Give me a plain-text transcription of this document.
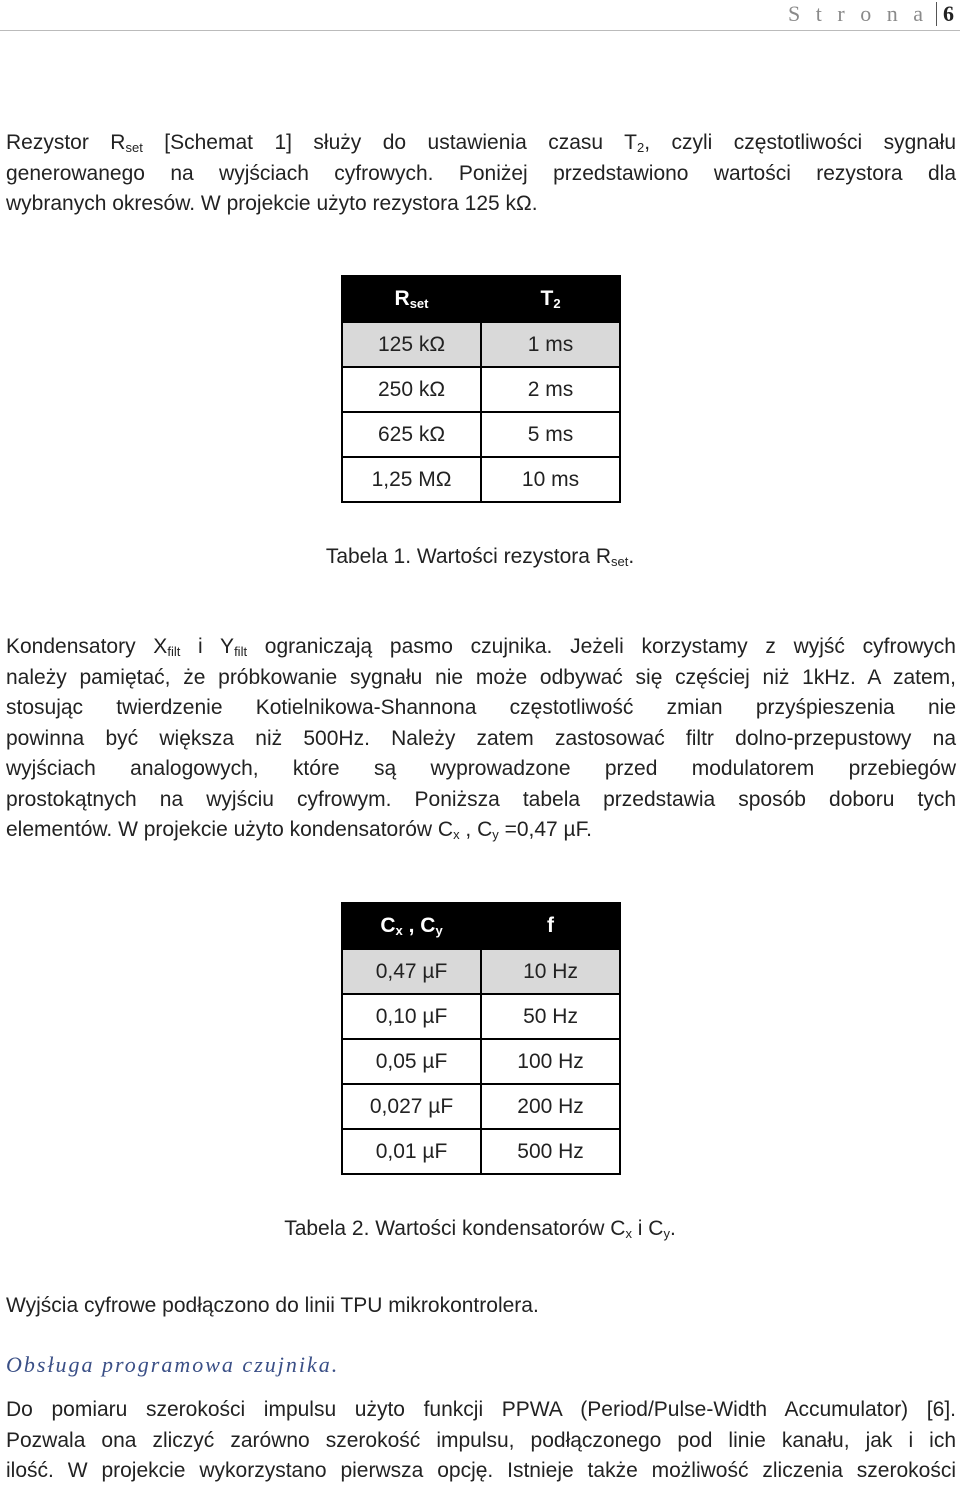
S t r o n a 6

Rezystor $R_{set}$ [Schemat 1] służy do ustawienia czasu $T_2$, czyli częstotliwości sygnału
generowanego na wyjściach cyfrowych. Poniżej przedstawiono wartości rezystora dla
wybranych okresów. W projekcie użyto rezystora 125 kΩ.

$R_{set}$	$T_2$
125 kΩ	1 ms
250 kΩ	2 ms
625 kΩ	5 ms
1,25 MΩ	10 ms

Tabela 1. Wartości rezystora $R_{set}$.

Kondensatory $X_{filt}$ i $Y_{filt}$ ograniczają pasmo czujnika. Jeżeli korzystamy z wyjść cyfrowych
należy pamiętać, że próbkowanie sygnału nie może odbywać się częściej niż 1kHz. A zatem,
stosując twierdzenie Kotielnikowa-Shannona częstotliwość zmian przyśpieszenia nie
powinna być większa niż 500Hz. Należy zatem zastosować filtr dolno-przepustowy na
wyjściach analogowych, które są wyprowadzone przed modulatorem przebiegów
prostokątnych na wyjściu cyfrowym. Poniższa tabela przedstawia sposób doboru tych
elementów. W projekcie użyto kondensatorów $C_x$ , $C_y =0,47$ µF.

$C_x$ , $C_y$	f
0,47 µF	10 Hz
0,10 µF	50 Hz
0,05 µF	100 Hz
0,027 µF	200 Hz
0,01 µF	500 Hz

Tabela 2. Wartości kondensatorów $C_x$ i $C_y$.

Wyjścia cyfrowe podłączono do linii TPU mikrokontrolera.

Obsługa programowa czujnika.

Do pomiaru szerokości impulsu użyto funkcji PPWA (Period/Pulse-Width Accumulator) [6].
Pozwala ona zliczyć zarówno szerokość impulsu, podłączonego pod linie kanału, jak i ich
ilość. W projekcie wykorzystano pierwsza opcję. Istnieje także możliwość zliczenia szerokości
